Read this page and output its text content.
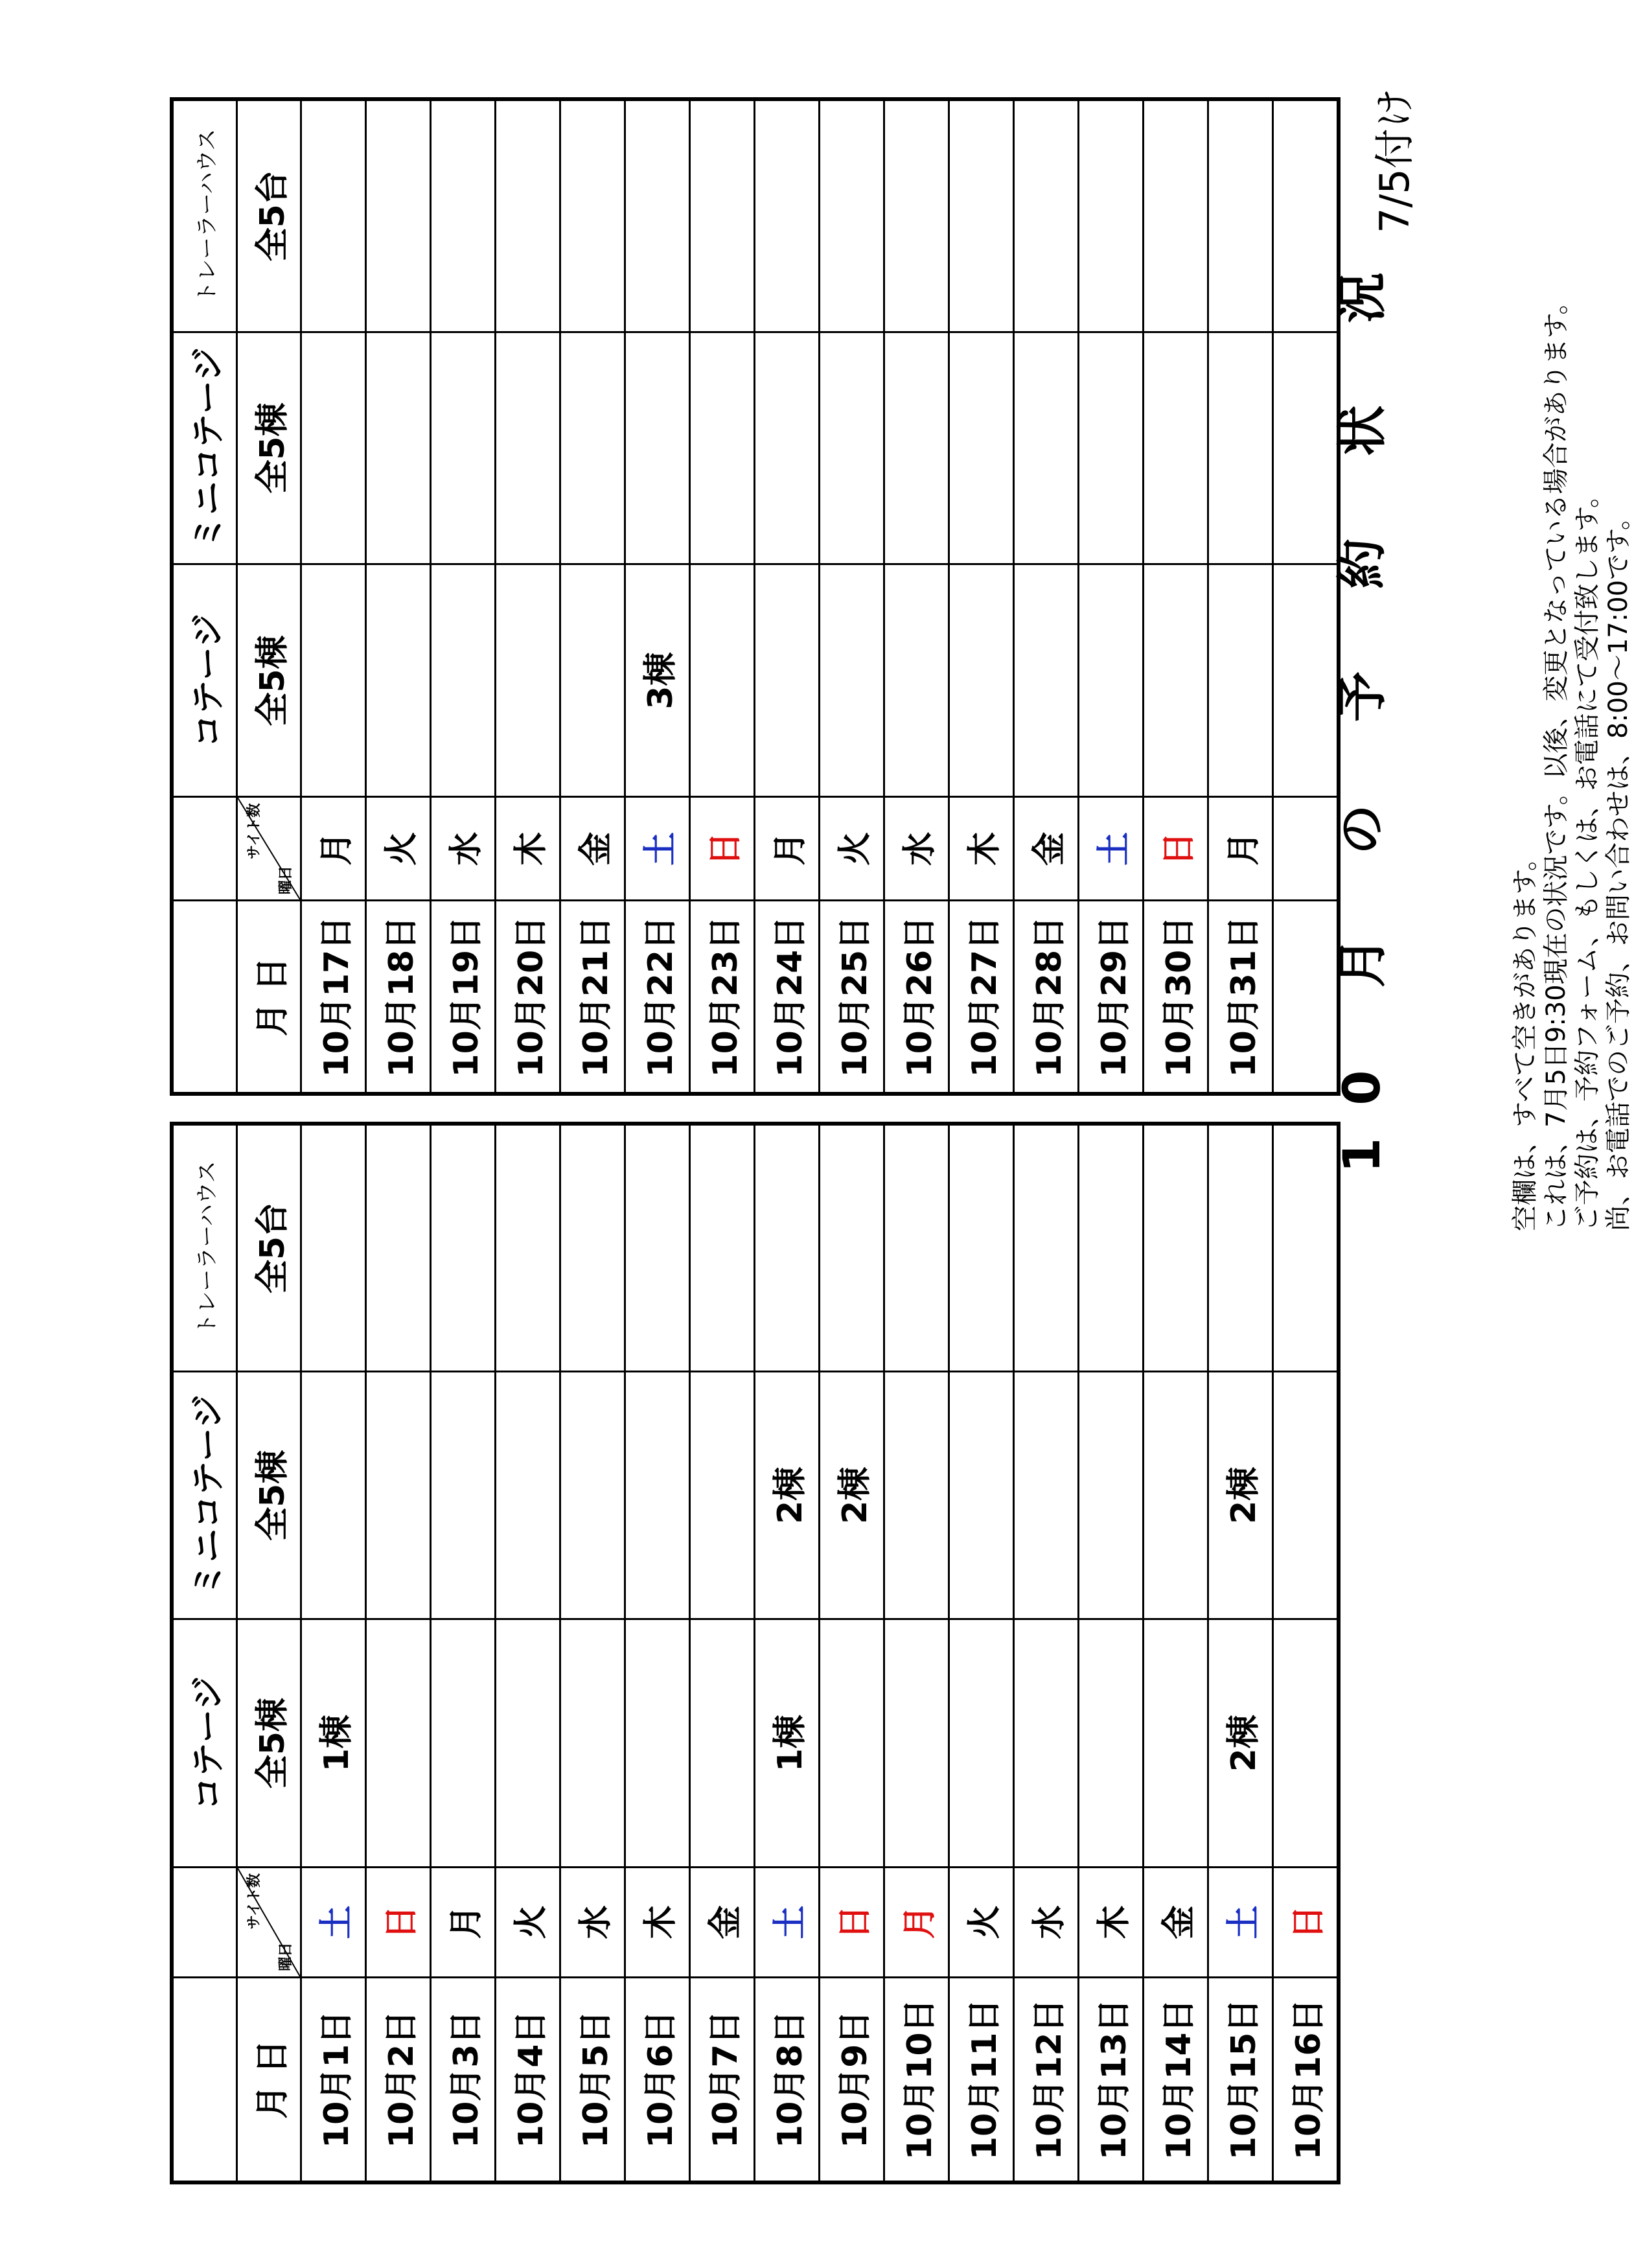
7/5付け
10 月 の 予 約 状 況
		コテージ	ミニコテージ	トレーラーハウス
月 日	サイト数
曜日	全5棟	全5棟	全5台
10月1日	土	1棟		
10月2日	日			
10月3日	月			
10月4日	火			
10月5日	水			
10月6日	木			
10月7日	金			
10月8日	土	1棟	2棟	
10月9日	日		2棟	
10月10日	月			
10月11日	火			
10月12日	水			
10月13日	木			
10月14日	金			
10月15日	土	2棟	2棟	
10月16日	日			
		コテージ	ミニコテージ	トレーラーハウス
月 日	サイト数
曜日	全5棟	全5棟	全5台
10月17日	月			
10月18日	火			
10月19日	水			
10月20日	木			
10月21日	金			
10月22日	土	3棟		
10月23日	日			
10月24日	月			
10月25日	火			
10月26日	水			
10月27日	木			
10月28日	金			
10月29日	土			
10月30日	日			
10月31日	月			
					空欄は、すべて空きがあります。 これは、7月5日9:30現在の状況です。以後、変更となっている場合があります。 ご予約は、予約フォーム、もしくは、お電話にて受付致します。 尚、お電話でのご予約、お問い合わせは、8:00～17:00です。
